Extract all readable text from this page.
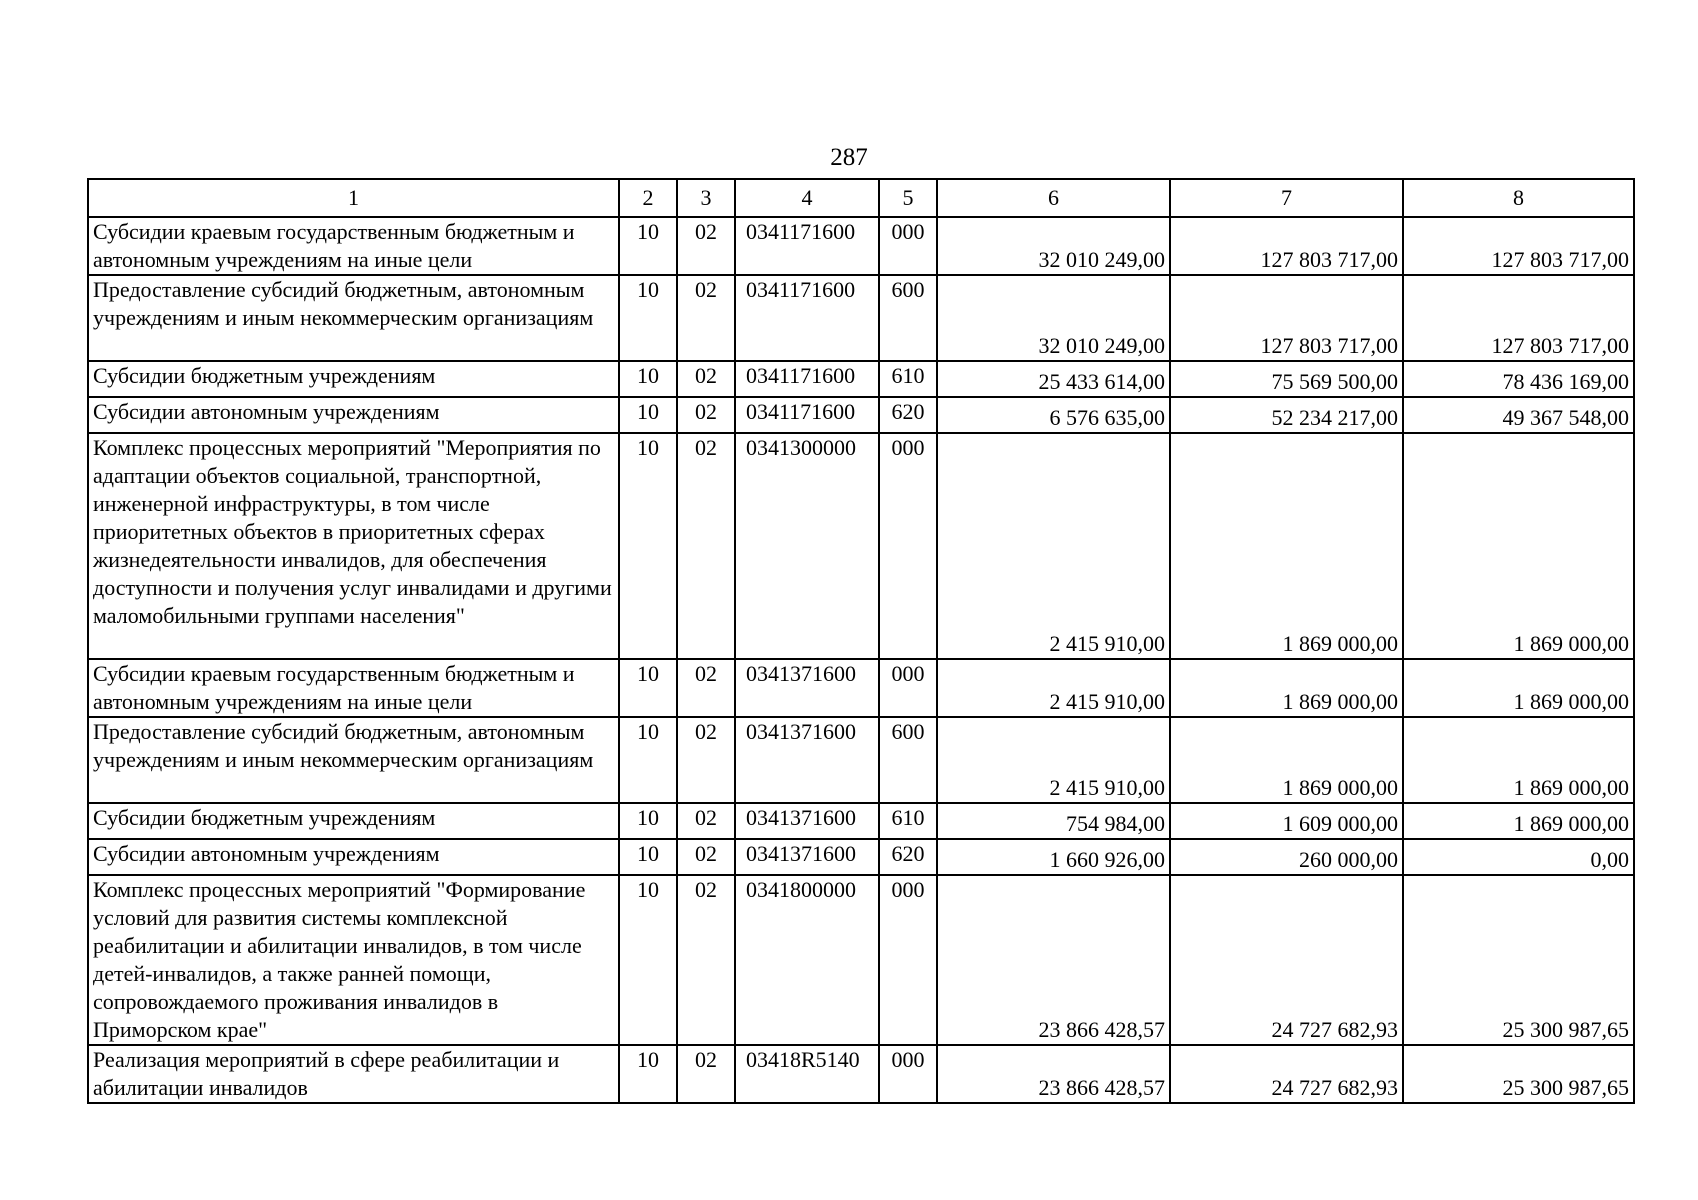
287
1	2	3	4	5	6	7	8
Субсидии краевым государственным бюджетным и автономным учреждениям на иные цели	10	02	0341171600	000	32 010 249,00	127 803 717,00	127 803 717,00
Предоставление субсидий бюджетным, автономным учреждениям и иным некоммерческим организациям	10	02	0341171600	600	32 010 249,00	127 803 717,00	127 803 717,00
Субсидии бюджетным учреждениям	10	02	0341171600	610	25 433 614,00	75 569 500,00	78 436 169,00
Субсидии автономным учреждениям	10	02	0341171600	620	6 576 635,00	52 234 217,00	49 367 548,00
Комплекс процессных мероприятий "Мероприятия по адаптации объектов социальной, транспортной, инженерной инфраструктуры, в том числе приоритетных объектов в приоритетных сферах жизнедеятельности инвалидов, для обеспечения доступности и получения услуг инвалидами и другими маломобильными группами населения"	10	02	0341300000	000	2 415 910,00	1 869 000,00	1 869 000,00
Субсидии краевым государственным бюджетным и автономным учреждениям на иные цели	10	02	0341371600	000	2 415 910,00	1 869 000,00	1 869 000,00
Предоставление субсидий бюджетным, автономным учреждениям и иным некоммерческим организациям	10	02	0341371600	600	2 415 910,00	1 869 000,00	1 869 000,00
Субсидии бюджетным учреждениям	10	02	0341371600	610	754 984,00	1 609 000,00	1 869 000,00
Субсидии автономным учреждениям	10	02	0341371600	620	1 660 926,00	260 000,00	0,00
Комплекс процессных мероприятий "Формирование условий для развития системы комплексной реабилитации и абилитации инвалидов, в том числе детей-инвалидов, а также ранней помощи, сопровождаемого проживания инвалидов в Приморском крае"	10	02	0341800000	000	23 866 428,57	24 727 682,93	25 300 987,65
Реализация мероприятий в сфере реабилитации и абилитации инвалидов	10	02	03418R5140	000	23 866 428,57	24 727 682,93	25 300 987,65
